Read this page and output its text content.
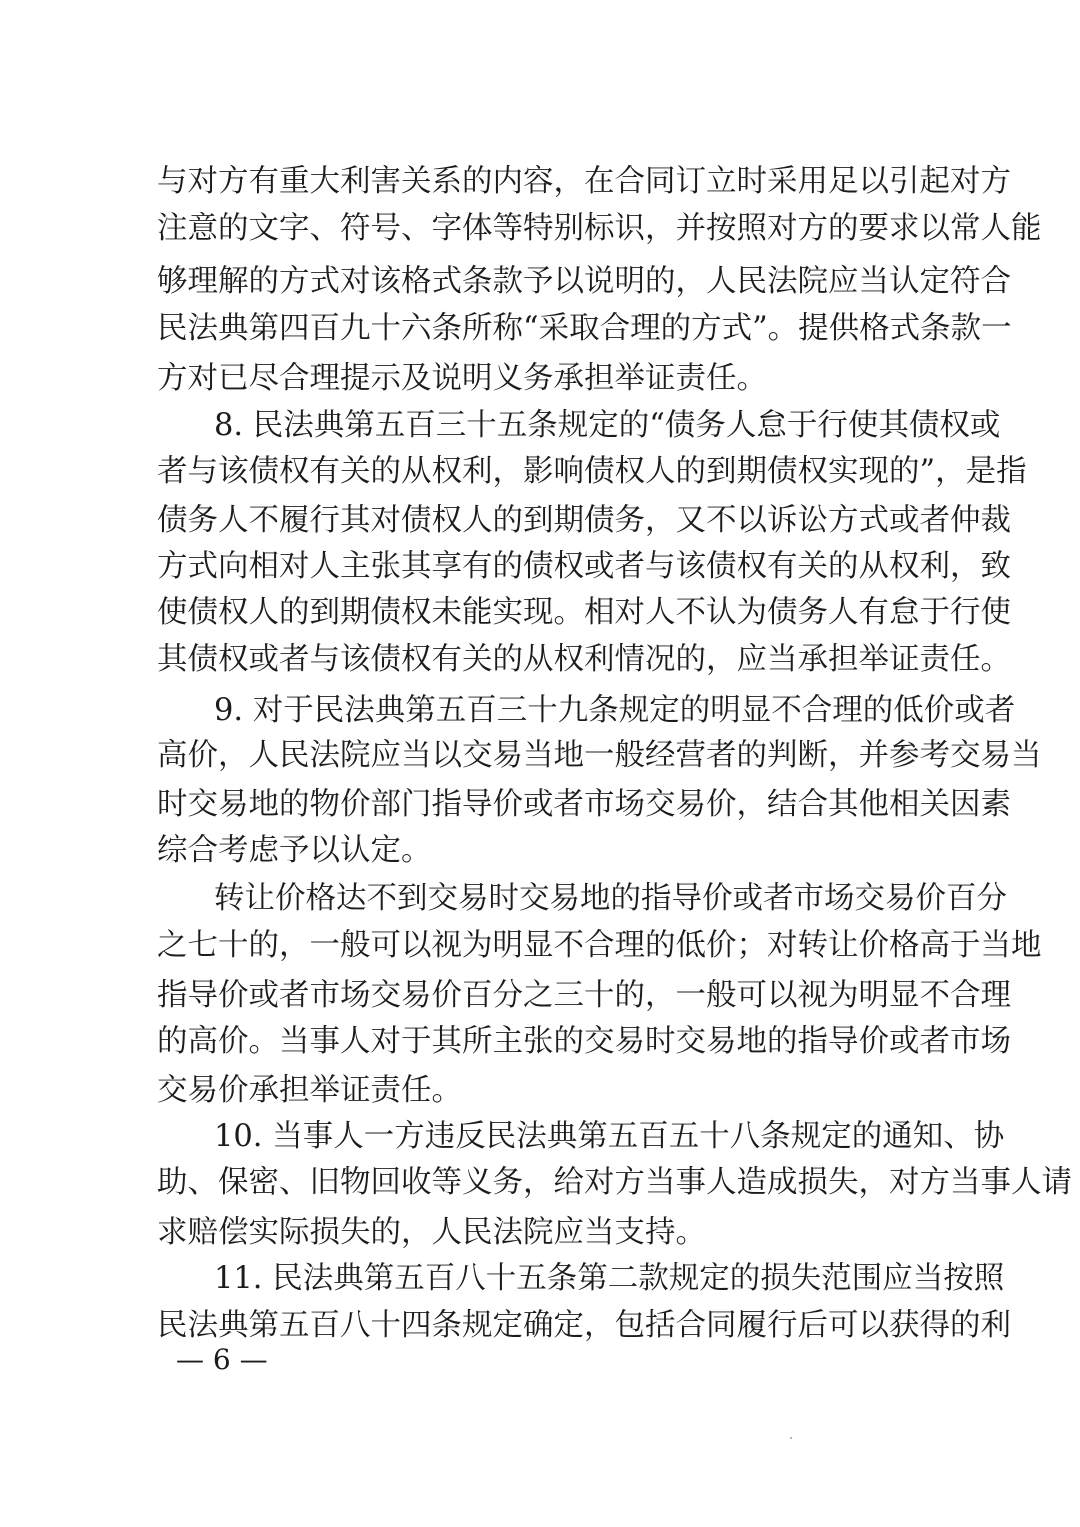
与对方有重大利害关系的内容，在合同订立时采用足以引起对方
注意的文字、符号、字体等特别标识，并按照对方的要求以常人能
够理解的方式对该格式条款予以说明的，人民法院应当认定符合
民法典第四百九十六条所称“采取合理的方式”。提供格式条款一
方对已尽合理提示及说明义务承担举证责任。
8. 民法典第五百三十五条规定的“债务人怠于行使其债权或
者与该债权有关的从权利，影响债权人的到期债权实现的”，是指
债务人不履行其对债权人的到期债务，又不以诉讼方式或者仲裁
方式向相对人主张其享有的债权或者与该债权有关的从权利，致
使债权人的到期债权未能实现。相对人不认为债务人有怠于行使
其债权或者与该债权有关的从权利情况的，应当承担举证责任。
9. 对于民法典第五百三十九条规定的明显不合理的低价或者
高价，人民法院应当以交易当地一般经营者的判断，并参考交易当
时交易地的物价部门指导价或者市场交易价，结合其他相关因素
综合考虑予以认定。
转让价格达不到交易时交易地的指导价或者市场交易价百分
之七十的，一般可以视为明显不合理的低价；对转让价格高于当地
指导价或者市场交易价百分之三十的，一般可以视为明显不合理
的高价。当事人对于其所主张的交易时交易地的指导价或者市场
交易价承担举证责任。
10. 当事人一方违反民法典第五百五十八条规定的通知、协
助、保密、旧物回收等义务，给对方当事人造成损失，对方当事人请
求赔偿实际损失的，人民法院应当支持。
11. 民法典第五百八十五条第二款规定的损失范围应当按照
民法典第五百八十四条规定确定，包括合同履行后可以获得的利
— 6 —
